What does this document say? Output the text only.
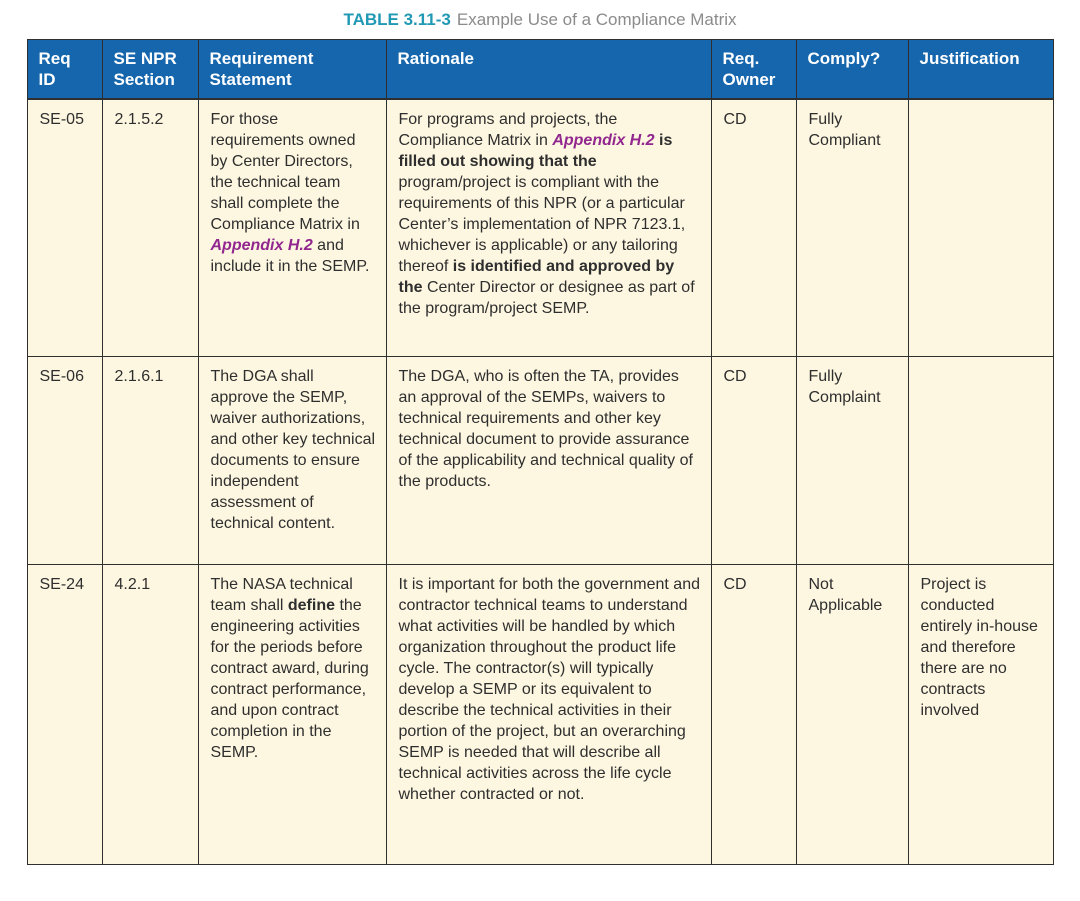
TABLE 3.11-3 Example Use of a Compliance Matrix
Req ID	SE NPR Section	Requirement Statement	Rationale	Req. Owner	Comply?	Justification
SE-05	2.1.5.2	For those requirements owned by Center Directors, the technical team shall complete the Compliance Matrix in Appendix H.2 and include it in the SEMP.	For programs and projects, the Compliance Matrix in Appendix H.2 is filled out showing that the program/project is compliant with the requirements of this NPR (or a particular Center’s implementation of NPR 7123.1, whichever is applicable) or any tailoring thereof is identified and approved by the Center Director or designee as part of the program/project SEMP.	CD	Fully Compliant	
SE-06	2.1.6.1	The DGA shall approve the SEMP, waiver authorizations, and other key technical documents to ensure independent assessment of technical content.	The DGA, who is often the TA, provides an approval of the SEMPs, waivers to technical requirements and other key technical document to provide assurance of the applicability and technical quality of the products.	CD	Fully Complaint	
SE-24	4.2.1	The NASA technical team shall define the engineering activities for the periods before contract award, during contract performance, and upon contract completion in the SEMP.	It is important for both the government and contractor technical teams to understand what activities will be handled by which organization throughout the product life cycle. The contractor(s) will typically develop a SEMP or its equivalent to describe the technical activities in their portion of the project, but an overarching SEMP is needed that will describe all technical activities across the life cycle whether contracted or not.	CD	Not Applicable	Project is conducted entirely in-house and therefore there are no contracts involved
